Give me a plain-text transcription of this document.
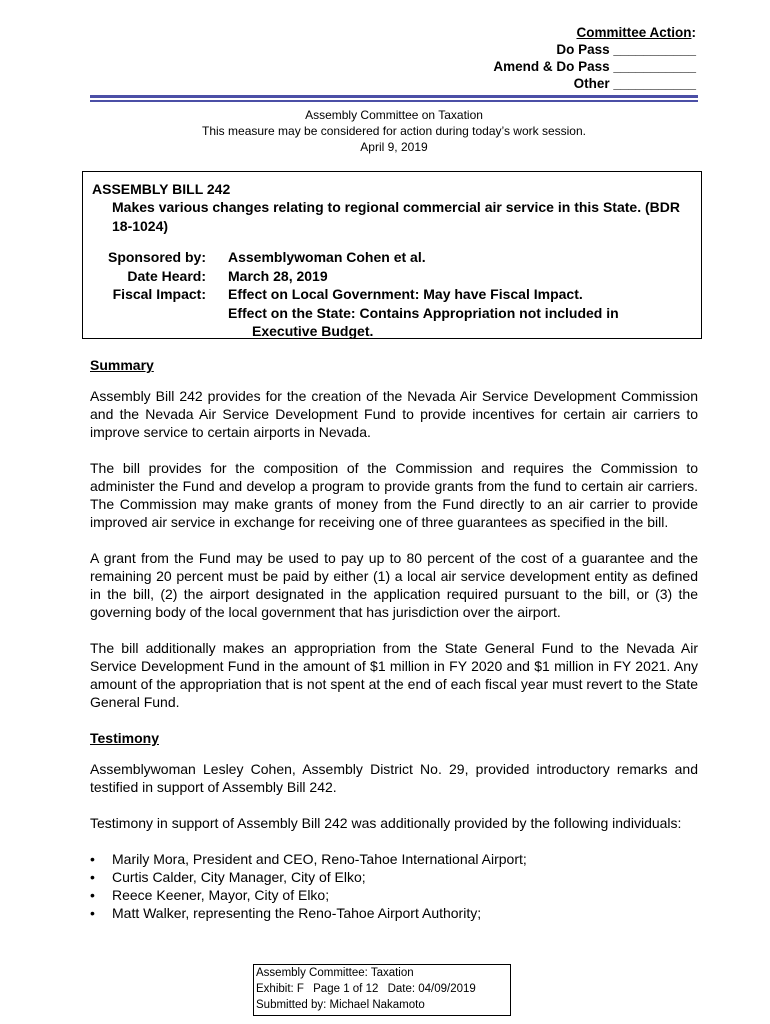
Committee Action:
Do Pass ___________
Amend & Do Pass ___________
Other ___________
Assembly Committee on Taxation
This measure may be considered for action during today’s work session.
April 9, 2019
ASSEMBLY BILL 242
Makes various changes relating to regional commercial air service in this State. (BDR 18-1024)
Sponsored by:	Assemblywoman Cohen et al.
Date Heard:	March 28, 2019
Fiscal Impact:	Effect on Local Government: May have Fiscal Impact.
Effect on the State: Contains Appropriation not included in
Executive Budget.
Summary

Assembly Bill 242 provides for the creation of the Nevada Air Service Development Commission and the Nevada Air Service Development Fund to provide incentives for certain air carriers to improve service to certain airports in Nevada.

The bill provides for the composition of the Commission and requires the Commission to administer the Fund and develop a program to provide grants from the fund to certain air carriers. The Commission may make grants of money from the Fund directly to an air carrier to provide improved air service in exchange for receiving one of three guarantees as specified in the bill.

A grant from the Fund may be used to pay up to 80 percent of the cost of a guarantee and the remaining 20 percent must be paid by either (1) a local air service development entity as defined in the bill, (2) the airport designated in the application required pursuant to the bill, or (3) the governing body of the local government that has jurisdiction over the airport.

The bill additionally makes an appropriation from the State General Fund to the Nevada Air Service Development Fund in the amount of $1 million in FY 2020 and $1 million in FY 2021. Any amount of the appropriation that is not spent at the end of each fiscal year must revert to the State General Fund.

Testimony

Assemblywoman Lesley Cohen, Assembly District No. 29, provided introductory remarks and testified in support of Assembly Bill 242.

Testimony in support of Assembly Bill 242 was additionally provided by the following individuals:

• Marily Mora, President and CEO, Reno-Tahoe International Airport;
• Curtis Calder, City Manager, City of Elko;
• Reece Keener, Mayor, City of Elko;
• Matt Walker, representing the Reno-Tahoe Airport Authority;
Assembly Committee: Taxation
Exhibit: F Page 1 of 12 Date: 04/09/2019
Submitted by: Michael Nakamoto
